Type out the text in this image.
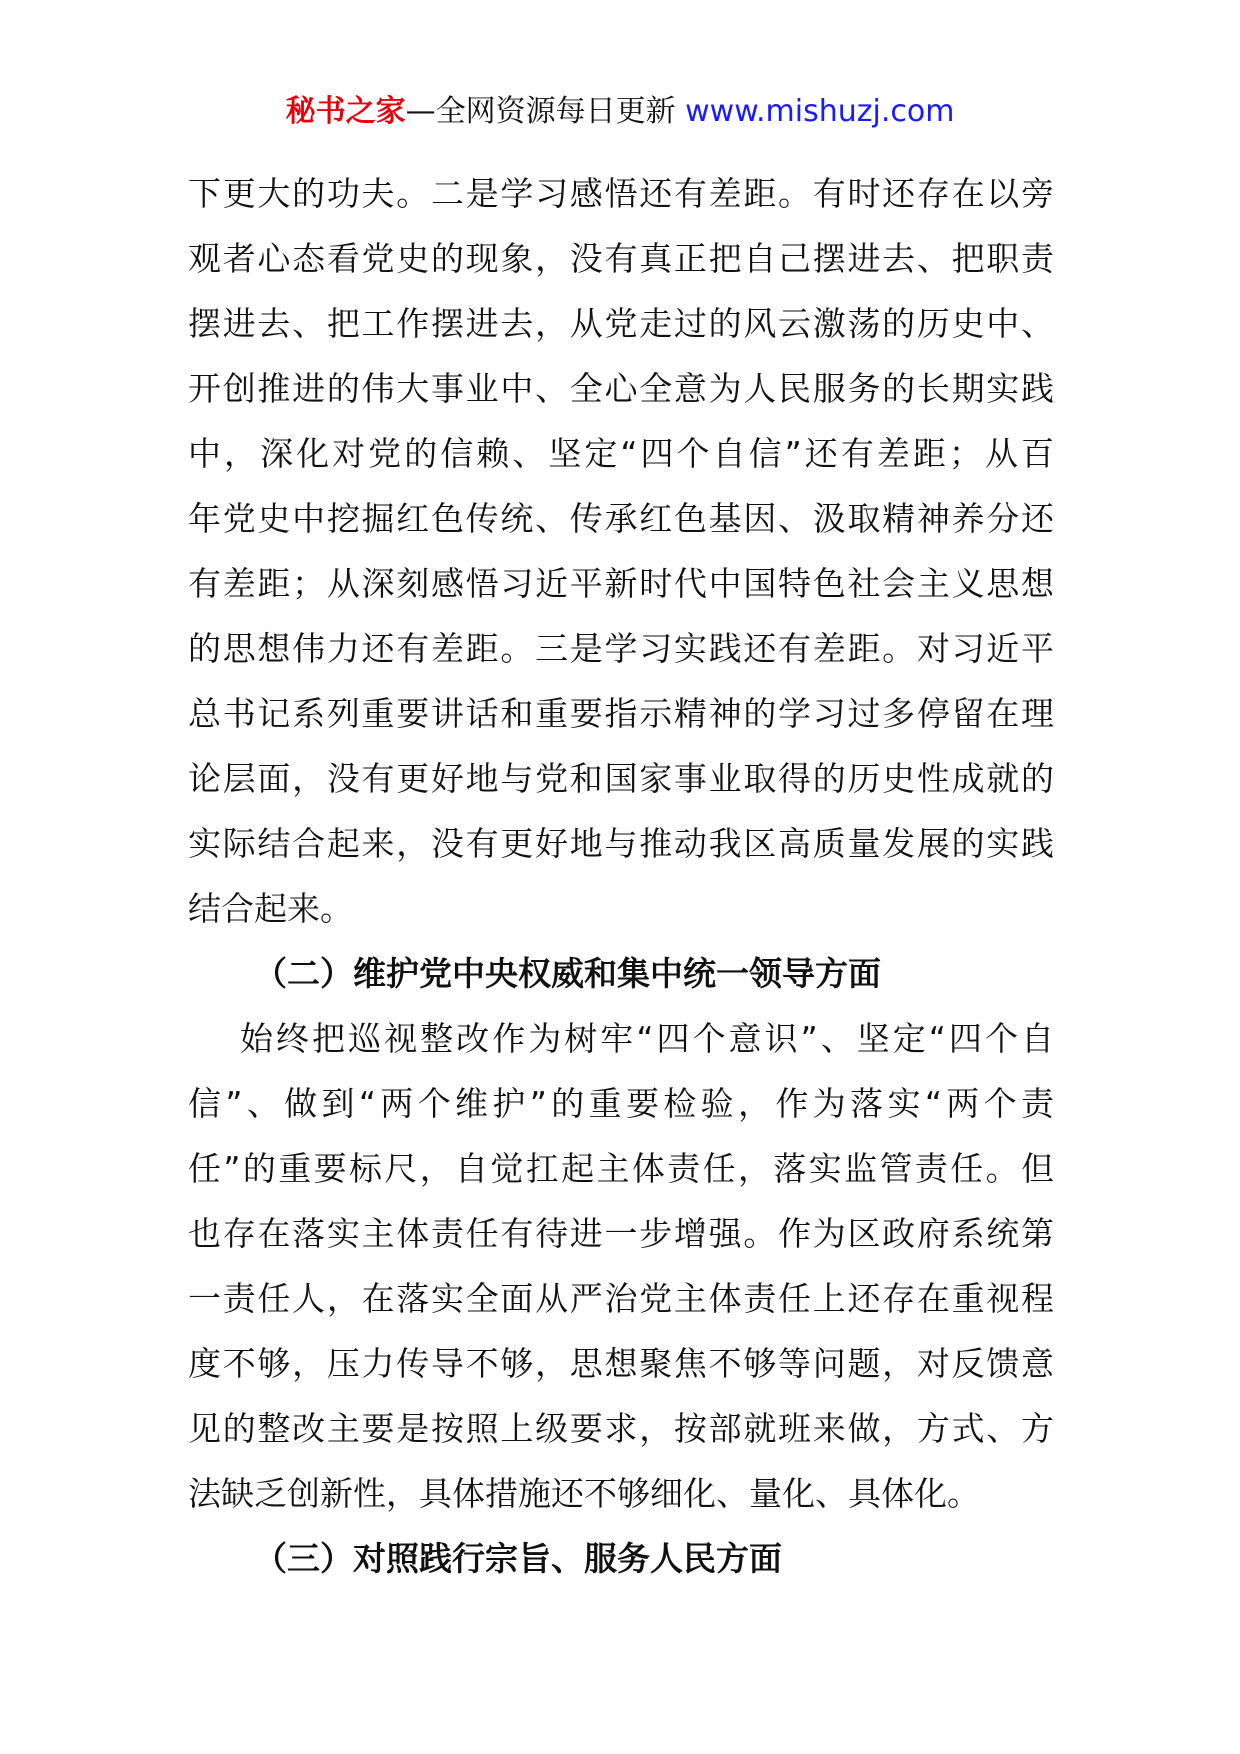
秘书之家—全网资源每日更新 www.mishuzj.com
下更大的功夫。二是学习感悟还有差距。有时还存在以旁
观者心态看党史的现象，没有真正把自己摆进去、把职责
摆进去、把工作摆进去，从党走过的风云激荡的历史中、
开创推进的伟大事业中、全心全意为人民服务的长期实践
中，深化对党的信赖、坚定“四个自信”还有差距；从百
年党史中挖掘红色传统、传承红色基因、汲取精神养分还
有差距；从深刻感悟习近平新时代中国特色社会主义思想
的思想伟力还有差距。三是学习实践还有差距。对习近平
总书记系列重要讲话和重要指示精神的学习过多停留在理
论层面，没有更好地与党和国家事业取得的历史性成就的
实际结合起来，没有更好地与推动我区高质量发展的实践
结合起来。
（二）维护党中央权威和集中统一领导方面
始终把巡视整改作为树牢“四个意识”、坚定“四个自
信”、做到“两个维护”的重要检验，作为落实“两个责
任”的重要标尺，自觉扛起主体责任，落实监管责任。但
也存在落实主体责任有待进一步增强。作为区政府系统第
一责任人，在落实全面从严治党主体责任上还存在重视程
度不够，压力传导不够，思想聚焦不够等问题，对反馈意
见的整改主要是按照上级要求，按部就班来做，方式、方
法缺乏创新性，具体措施还不够细化、量化、具体化。
（三）对照践行宗旨、服务人民方面
